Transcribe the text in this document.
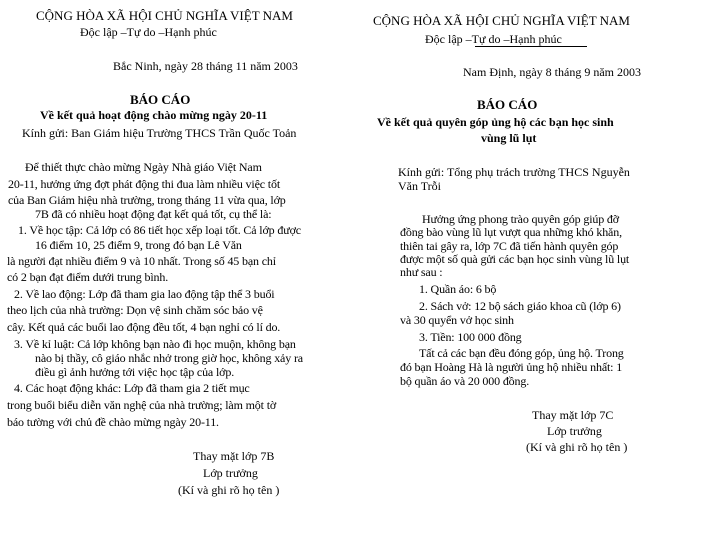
CỘNG HÒA XÃ HỘI CHỦ NGHĨA VIỆT NAM
Độc lập –Tự do –Hạnh phúc
Bắc Ninh, ngày 28 tháng 11 năm 2003
BÁO CÁO
Về kết quả hoạt động chào mừng ngày 20-11
Kính gửi: Ban Giám hiệu Trường THCS Trần Quốc Toản
Để thiết thực chào mừng Ngày Nhà giáo Việt Nam
20-11, hưởng ứng đợt phát động thi đua làm nhiều việc tốt
của Ban Giám hiệu nhà trường, trong tháng 11 vừa qua, lớp
7B đã có nhiều hoạt động đạt kết quả tốt, cụ thể là:
1. Về học tập: Cả lớp có 86 tiết học xếp loại tốt. Cả lớp được
16 điểm 10, 25 điểm 9, trong đó bạn Lê Văn
là người đạt nhiều điểm 9 và 10 nhất. Trong số 45 bạn chỉ
có 2 bạn đạt điểm dưới trung bình.
2. Về lao động: Lớp đã tham gia lao động tập thể 3 buổi
theo lịch của nhà trường: Dọn vệ sinh chăm sóc bảo vệ
cây. Kết quả các buổi lao động đều tốt, 4 bạn nghỉ có lí do.
3. Về kỉ luật: Cả lớp không bạn nào đi học muộn, không bạn
nào bị thầy, cô giáo nhắc nhở trong giờ học, không xảy ra
điều gì ảnh hưởng tới việc học tập của lớp.
4. Các hoạt động khác: Lớp đã tham gia 2 tiết mục
trong buổi biểu diễn văn nghệ của nhà trường; làm một tờ
báo tường với chủ đề chào mừng ngày 20-11.
Thay mặt lớp 7B
Lớp trưởng
(Kí và ghi rõ họ tên )
CỘNG HÒA XÃ HỘI CHỦ NGHĨA VIỆT NAM
Độc lập –Tự do –Hạnh phúc
Nam Định, ngày 8 tháng 9 năm 2003
BÁO CÁO
Về kết quả quyên góp ủng hộ các bạn học sinh
vùng lũ lụt
Kính gửi: Tổng phụ trách trường THCS Nguyễn
Văn Trỗi
Hưởng ứng phong trào quyên góp giúp đỡ
đồng bào vùng lũ lụt vượt qua những khó khăn,
thiên tai gây ra, lớp 7C đã tiến hành quyên góp
được một số quà gửi các bạn học sinh vùng lũ lụt
như sau :
1. Quần áo: 6 bộ
2. Sách vở: 12 bộ sách giáo khoa cũ (lớp 6)
và 30 quyển vở học sinh
3. Tiền: 100 000 đồng
Tất cả các bạn đều đóng góp, ủng hộ. Trong
đó bạn Hoàng Hà là người ủng hộ nhiều nhất: 1
bộ quần áo và 20 000 đồng.
Thay mặt lớp 7C
Lớp trưởng
(Kí và ghi rõ họ tên )
